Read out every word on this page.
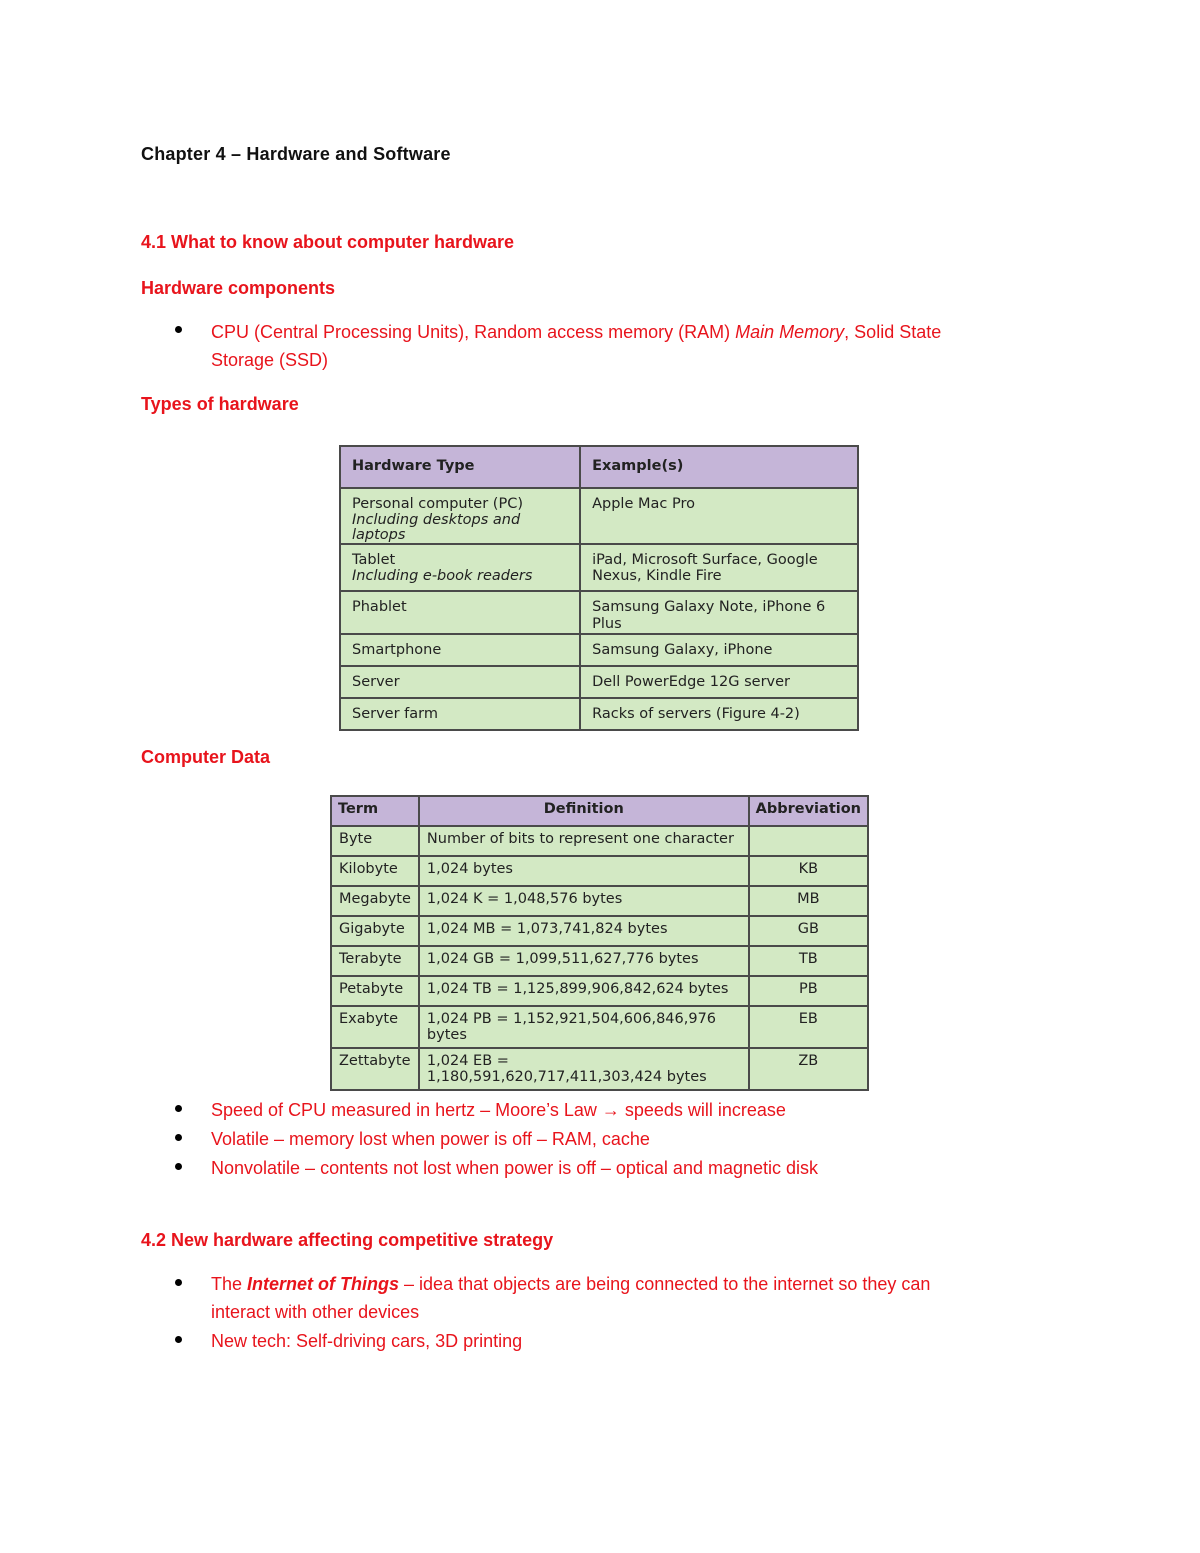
Chapter 4 – Hardware and Software
4.1 What to know about computer hardware
Hardware components
CPU (Central Processing Units), Random access memory (RAM) Main Memory, Solid State
Storage (SSD)
Types of hardware
Hardware Type	Example(s)

Personal computer (PC)
Including desktops and laptops	Apple Mac Pro

Tablet
Including e-book readers	iPad, Microsoft Surface, Google
Nexus, Kindle Fire

Phablet	Samsung Galaxy Note, iPhone 6 Plus

Smartphone	Samsung Galaxy, iPhone

Server	Dell PowerEdge 12G server

Server farm	Racks of servers (Figure 4-2)
Computer Data
Term	Definition	Abbreviation
Byte	Number of bits to represent one character	
Kilobyte	1,024 bytes	KB
Megabyte	1,024 K = 1,048,576 bytes	MB
Gigabyte	1,024 MB = 1,073,741,824 bytes	GB
Terabyte	1,024 GB = 1,099,511,627,776 bytes	TB
Petabyte	1,024 TB = 1,125,899,906,842,624 bytes	PB
Exabyte	1,024 PB = 1,152,921,504,606,846,976 bytes	EB
Zettabyte	1,024 EB = 1,180,591,620,717,411,303,424 bytes	ZB
Speed of CPU measured in hertz – Moore’s Law → speeds will increase
Volatile – memory lost when power is off – RAM, cache
Nonvolatile – contents not lost when power is off – optical and magnetic disk
4.2 New hardware affecting competitive strategy
The Internet of Things – idea that objects are being connected to the internet so they can
interact with other devices
New tech: Self-driving cars, 3D printing
